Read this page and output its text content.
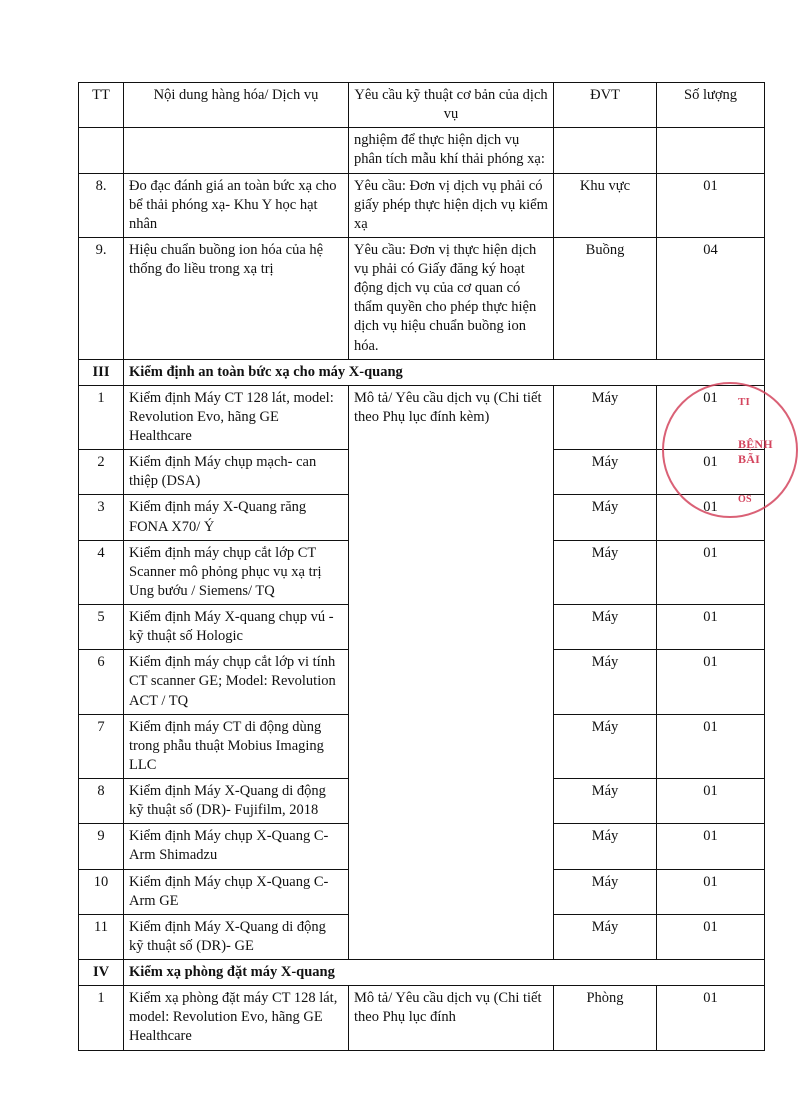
TT	Nội dung hàng hóa/ Dịch vụ	Yêu cầu kỹ thuật cơ bản của dịch vụ	ĐVT	Số lượng
		nghiệm để thực hiện dịch vụ phân tích mẫu khí thải phóng xạ:		
8.	Đo đạc đánh giá an toàn bức xạ cho bể thải phóng xạ- Khu Y học hạt nhân	Yêu cầu: Đơn vị dịch vụ phải có giấy phép thực hiện dịch vụ kiểm xạ	Khu vực	01
9.	Hiệu chuẩn buồng ion hóa của hệ thống đo liều trong xạ trị	Yêu cầu: Đơn vị thực hiện dịch vụ phải có Giấy đăng ký hoạt động dịch vụ của cơ quan có thẩm quyền cho phép thực hiện dịch vụ hiệu chuẩn buồng ion hóa.	Buồng	04
III	Kiểm định an toàn bức xạ cho máy X-quang			
1	Kiểm định Máy CT 128 lát, model: Revolution Evo, hãng GE Healthcare	Mô tả/ Yêu cầu dịch vụ (Chi tiết theo Phụ lục đính kèm)	Máy	01
2	Kiểm định Máy chụp mạch- can thiệp (DSA)		Máy	01
3	Kiểm định máy X-Quang răng FONA X70/ Ý		Máy	01
4	Kiểm định máy chụp cắt lớp CT Scanner mô phỏng phục vụ xạ trị Ung bướu / Siemens/ TQ		Máy	01
5	Kiểm định Máy X-quang chụp vú - kỹ thuật số Hologic		Máy	01
6	Kiểm định máy chụp cắt lớp vi tính CT scanner GE; Model: Revolution ACT / TQ		Máy	01
7	Kiểm định máy CT di động dùng trong phẫu thuật Mobius Imaging LLC		Máy	01
8	Kiểm định Máy X-Quang di động kỹ thuật số (DR)- Fujifilm, 2018		Máy	01
9	Kiểm định Máy chụp X-Quang C-Arm Shimadzu		Máy	01
10	Kiểm định Máy chụp X-Quang C-Arm GE		Máy	01
11	Kiểm định Máy X-Quang di động kỹ thuật số (DR)- GE		Máy	01
IV	Kiểm xạ phòng đặt máy X-quang			
1	Kiểm xạ phòng đặt máy CT 128 lát, model: Revolution Evo, hãng GE Healthcare	Mô tả/ Yêu cầu dịch vụ (Chi tiết theo Phụ lục đính	Phòng	01
TI
BỆNH
BÃI
OS
